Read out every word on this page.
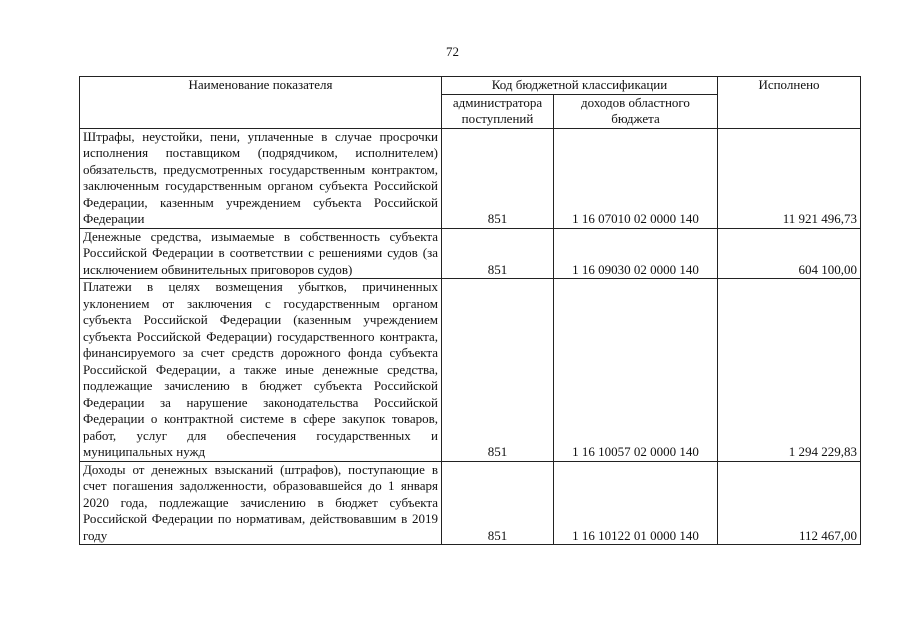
72
Наименование показателя	Код бюджетной классификации		Исполнено
	администратора поступлений	доходов областного бюджета	
Штрафы, неустойки, пени, уплаченные в случае просрочки исполнения поставщиком (подрядчиком, исполнителем) обязательств, предусмотренных государственным контрактом, заключенным государственным органом субъекта Российской Федерации, казенным учреждением субъекта Российской Федерации	851	1 16 07010 02 0000 140	11 921 496,73
Денежные средства, изымаемые в собственность субъекта Российской Федерации в соответствии с решениями судов (за исключением обвинительных приговоров судов)	851	1 16 09030 02 0000 140	604 100,00
Платежи в целях возмещения убытков, причиненных уклонением от заключения с государственным органом субъекта Российской Федерации (казенным учреждением субъекта Российской Федерации) государственного контракта, финансируемого за счет средств дорожного фонда субъекта Российской Федерации, а также иные денежные средства, подлежащие зачислению в бюджет субъекта Российской Федерации за нарушение законодательства Российской Федерации о контрактной системе в сфере закупок товаров, работ, услуг для обеспечения государственных и муниципальных нужд	851	1 16 10057 02 0000 140	1 294 229,83
Доходы от денежных взысканий (штрафов), поступающие в счет погашения задолженности, образовавшейся до 1 января 2020 года, подлежащие зачислению в бюджет субъекта Российской Федерации по нормативам, действовавшим в 2019 году	851	1 16 10122 01 0000 140	112 467,00
